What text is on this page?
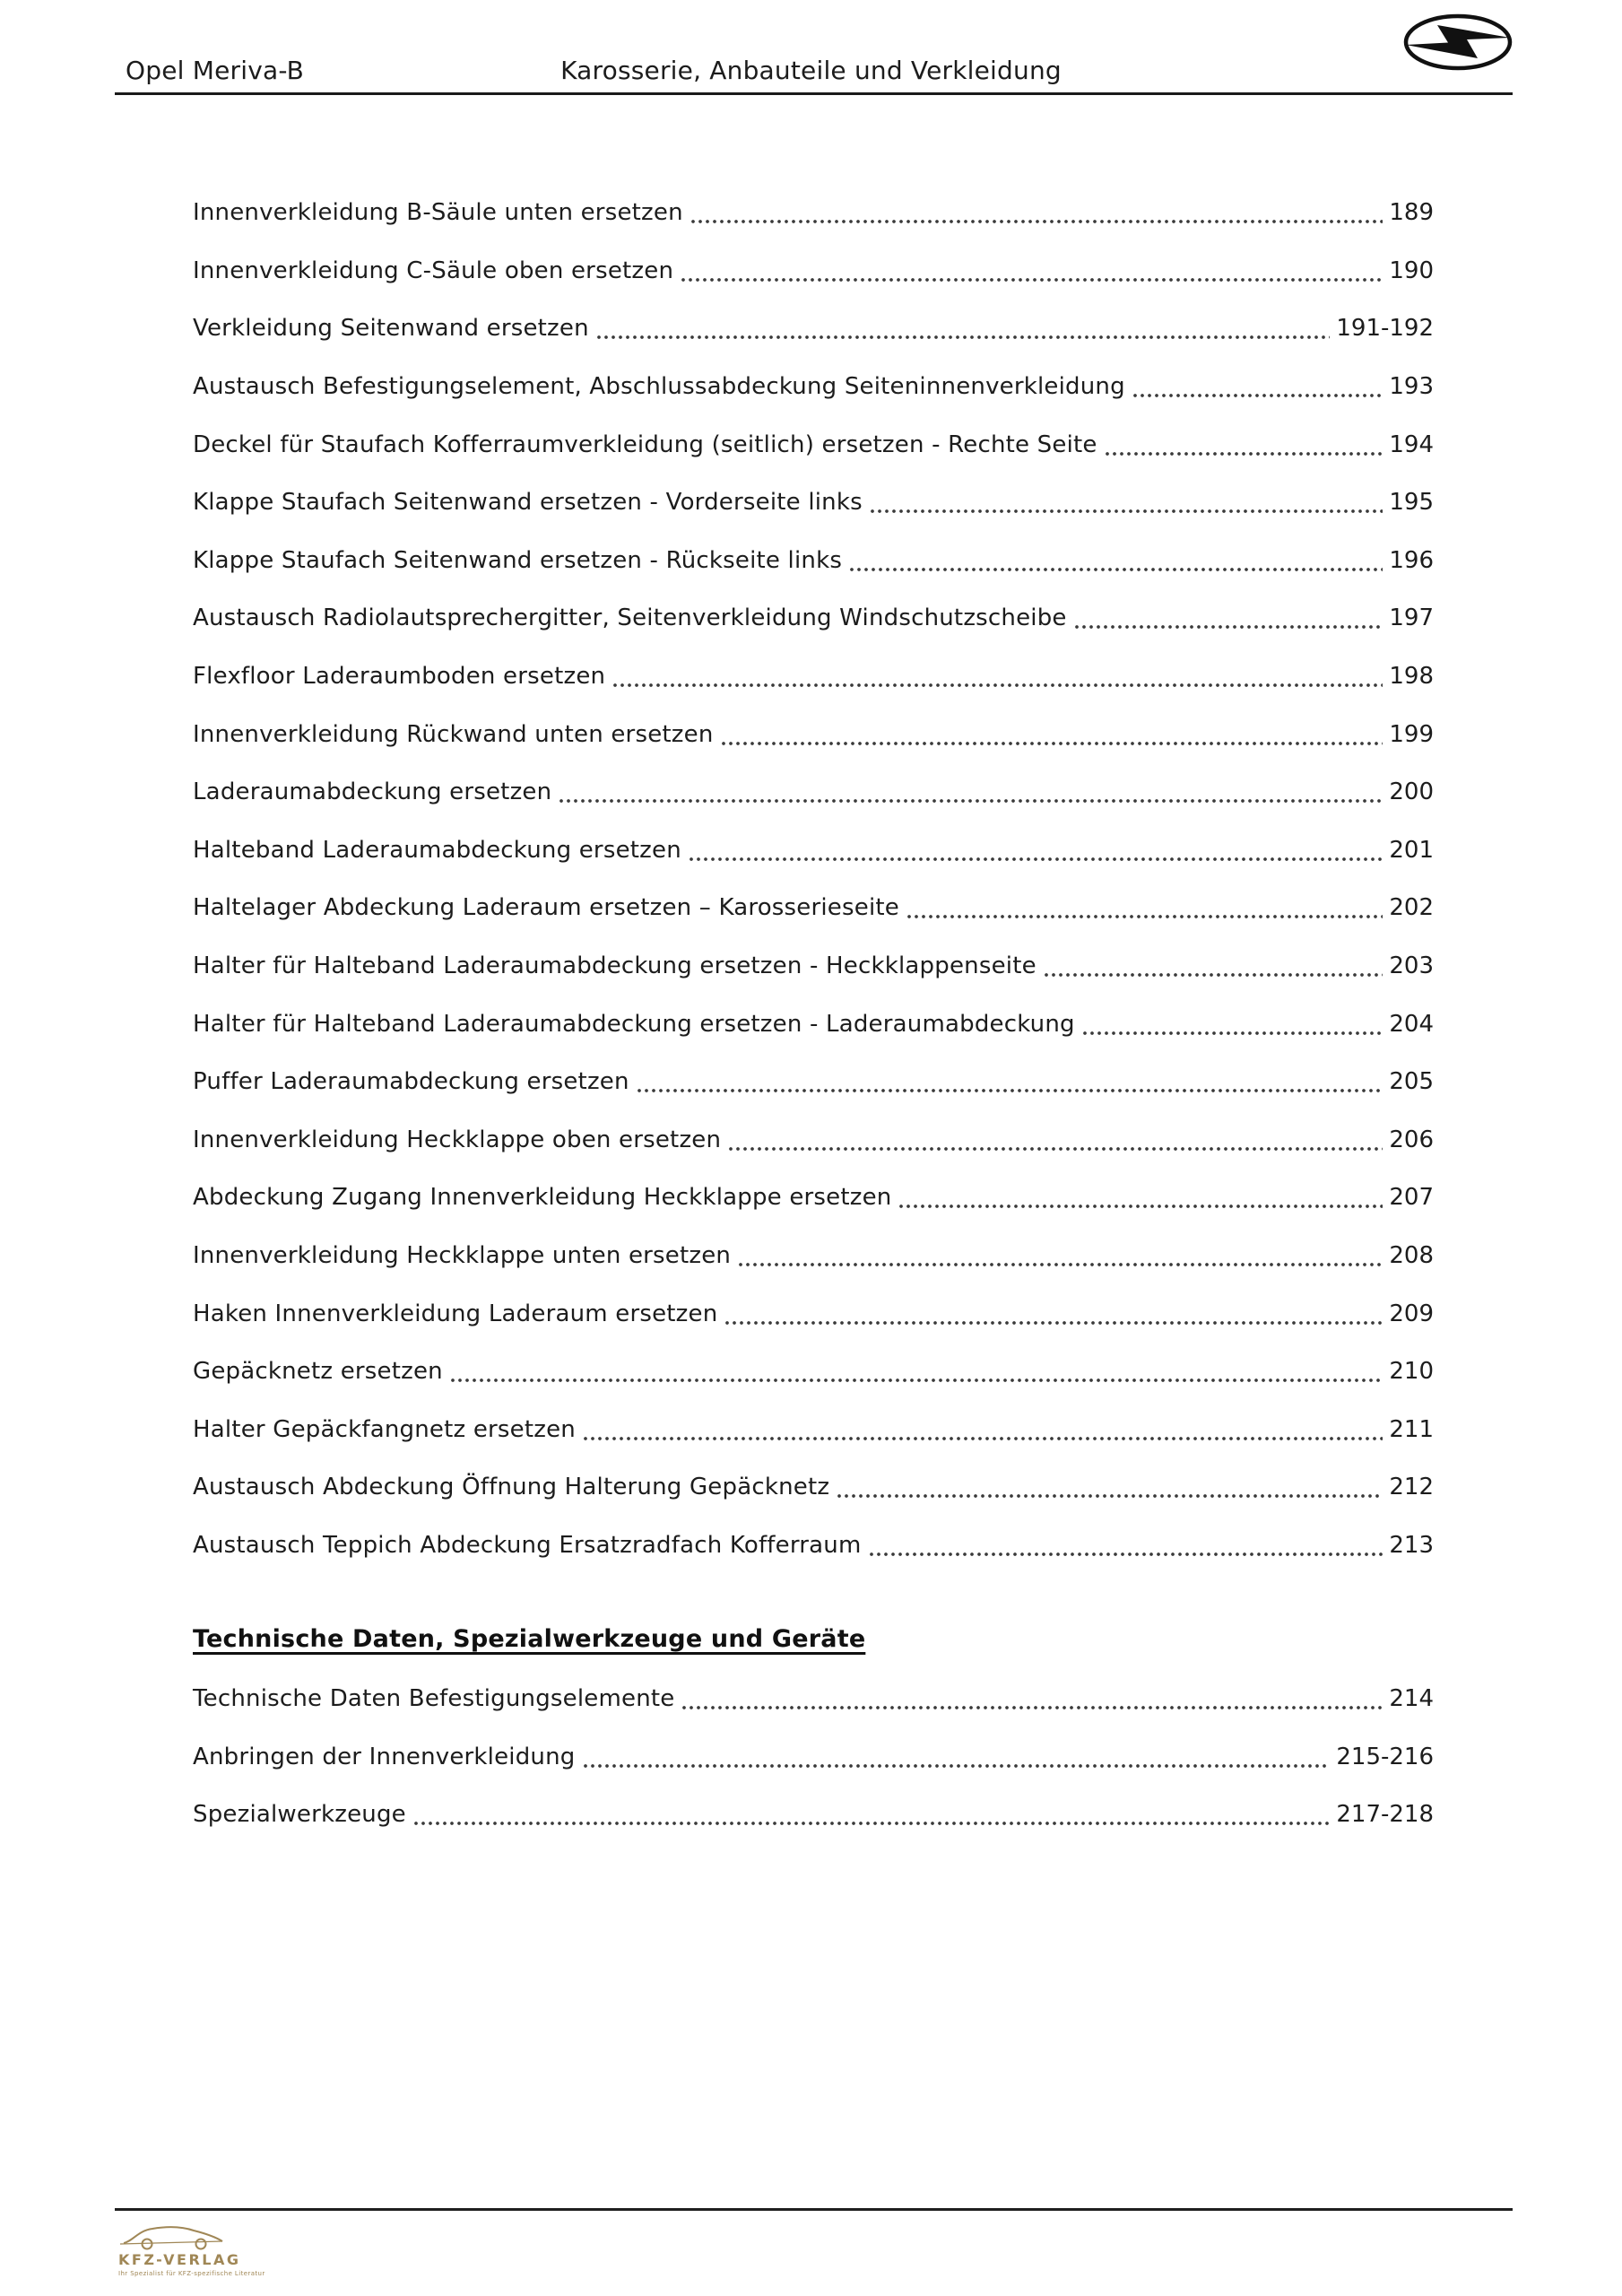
Opel Meriva-B	Karosserie, Anbauteile und Verkleidung
Innenverkleidung B-Säule unten ersetzen	189
Innenverkleidung C-Säule oben ersetzen	190
Verkleidung Seitenwand ersetzen	191-192
Austausch Befestigungselement, Abschlussabdeckung Seiteninnenverkleidung	193
Deckel für Staufach Kofferraumverkleidung (seitlich) ersetzen - Rechte Seite	194
Klappe Staufach Seitenwand ersetzen - Vorderseite links	195
Klappe Staufach Seitenwand ersetzen - Rückseite links	196
Austausch Radiolautsprechergitter, Seitenverkleidung Windschutzscheibe	197
Flexfloor Laderaumboden ersetzen	198
Innenverkleidung Rückwand unten ersetzen	199
Laderaumabdeckung ersetzen	200
Halteband Laderaumabdeckung ersetzen	201
Haltelager Abdeckung Laderaum ersetzen – Karosserieseite	202
Halter für Halteband Laderaumabdeckung ersetzen - Heckklappenseite	203
Halter für Halteband Laderaumabdeckung ersetzen - Laderaumabdeckung	204
Puffer Laderaumabdeckung ersetzen	205
Innenverkleidung Heckklappe oben ersetzen	206
Abdeckung Zugang Innenverkleidung Heckklappe ersetzen	207
Innenverkleidung Heckklappe unten ersetzen	208
Haken Innenverkleidung Laderaum ersetzen	209
Gepäcknetz ersetzen	210
Halter Gepäckfangnetz ersetzen	211
Austausch Abdeckung Öffnung Halterung Gepäcknetz	212
Austausch Teppich Abdeckung Ersatzradfach Kofferraum	213
Technische Daten, Spezialwerkzeuge und Geräte
Technische Daten Befestigungselemente	214
Anbringen der Innenverkleidung	215-216
Spezialwerkzeuge	217-218
KFZ-VERLAG
Ihr Spezialist für KFZ-spezifische Literatur
